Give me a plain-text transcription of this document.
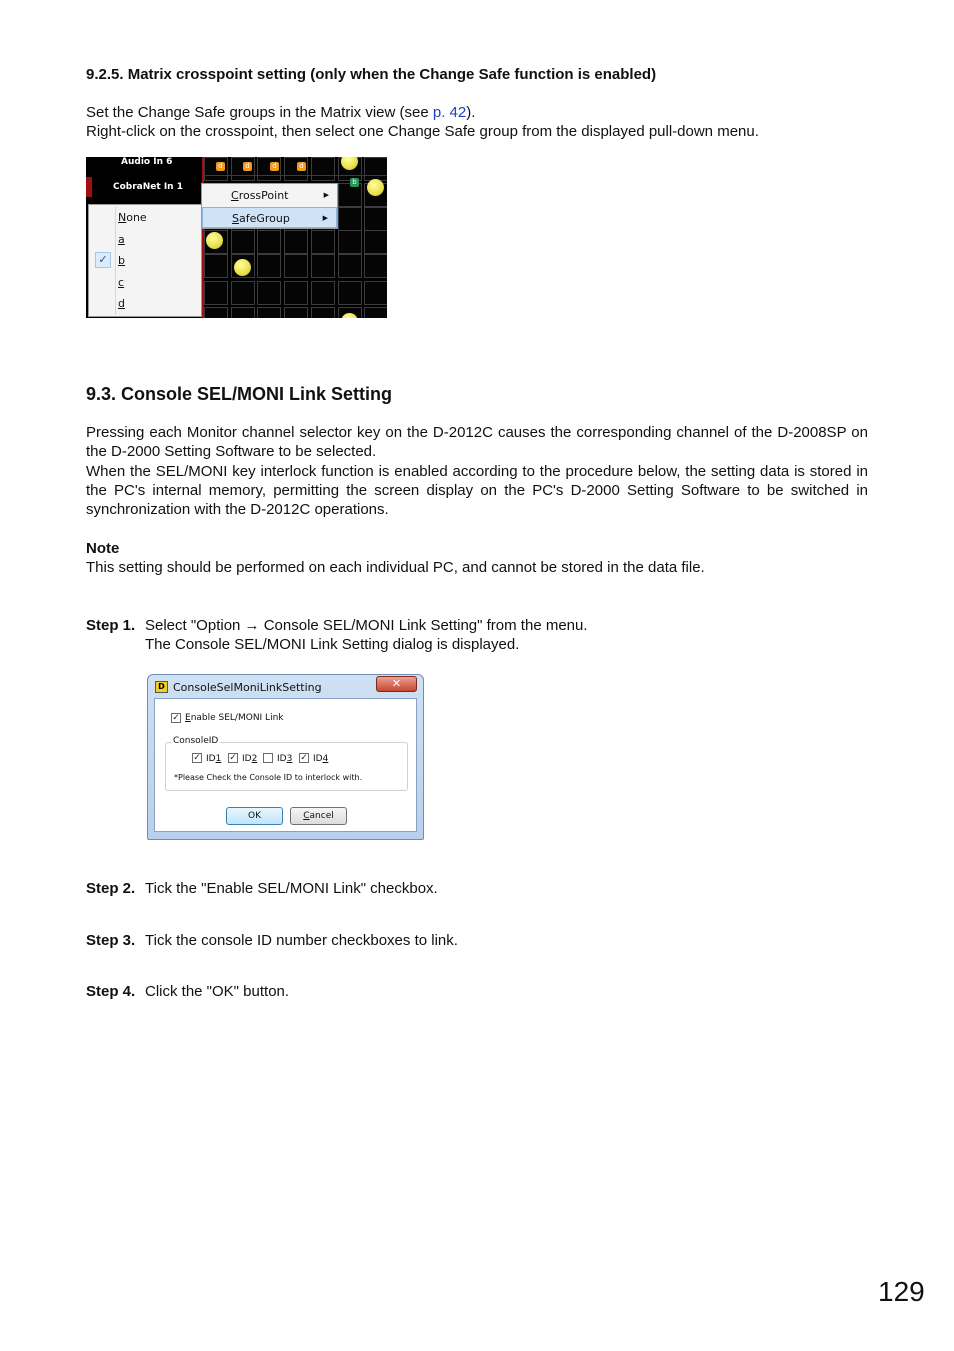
9.2.5. Matrix crosspoint setting (only when the Change Safe function is enabled)
Set the Change Safe groups in the Matrix view (see p. 42).
Right-click on the crosspoint, then select one Change Safe group from the displayed pull-down menu.
Audio In 6
CobraNet In 1
d	d	d	d
b
None
a
b
✓
c
d
CrossPoint	▶
SafeGroup	▶
9.3. Console SEL/MONI Link Setting
Pressing each Monitor channel selector key on the D-2012C causes the corresponding channel of the D-2008SP on the D-2000 Setting Software to be selected.
When the SEL/MONI key interlock function is enabled according to the procedure below, the setting data is stored in the PC's internal memory, permitting the screen display on the PC's D-2000 Setting Software to be switched in synchronization with the D-2012C operations.
Note
This setting should be performed on each individual PC, and cannot be stored in the data file.
Step 1. Select "Option → Console SEL/MONI Link Setting" from the menu.
The Console SEL/MONI Link Setting dialog is displayed.
D ConsoleSelMoniLinkSetting	✕
✓ Enable SEL/MONI Link
ConsoleID
✓ ID1 ✓ ID2 ID3 ✓ ID4
*Please Check the Console ID to interlock with.
OK	Cancel
Step 2. Tick the "Enable SEL/MONI Link" checkbox.
Step 3. Tick the console ID number checkboxes to link.
Step 4. Click the "OK" button.
129
